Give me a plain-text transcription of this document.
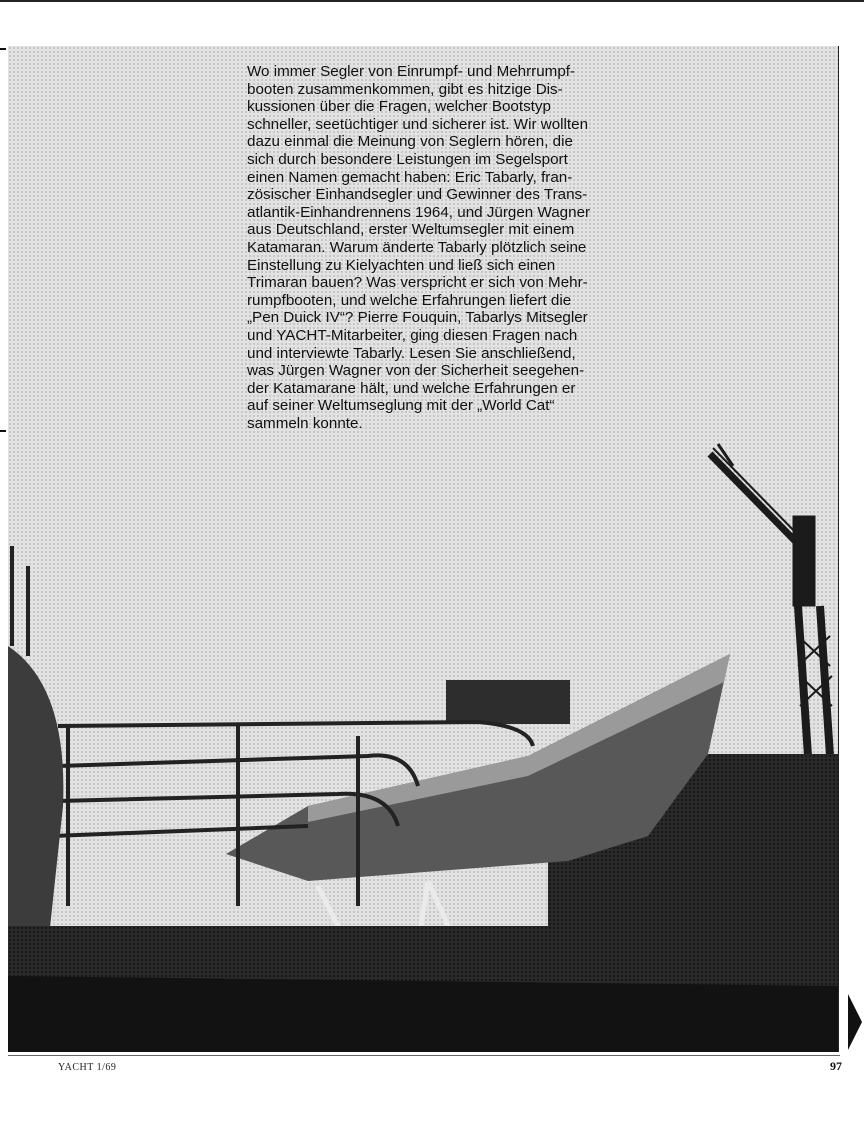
Wo immer Segler von Einrumpf- und Mehrrumpf-
booten zusammenkommen, gibt es hitzige Dis-
kussionen über die Fragen, welcher Bootstyp
schneller, seetüchtiger und sicherer ist. Wir wollten
dazu einmal die Meinung von Seglern hören, die
sich durch besondere Leistungen im Segelsport
einen Namen gemacht haben: Eric Tabarly, fran-
zösischer Einhandsegler und Gewinner des Trans-
atlantik-Einhandrennens 1964, und Jürgen Wagner
aus Deutschland, erster Weltumsegler mit einem
Katamaran. Warum änderte Tabarly plötzlich seine
Einstellung zu Kielyachten und ließ sich einen
Trimaran bauen? Was verspricht er sich von Mehr-
rumpfbooten, und welche Erfahrungen liefert die
„Pen Duick IV“? Pierre Fouquin, Tabarlys Mitsegler
und YACHT-Mitarbeiter, ging diesen Fragen nach
und interviewte Tabarly. Lesen Sie anschließend,
was Jürgen Wagner von der Sicherheit seegehen-
der Katamarane hält, und welche Erfahrungen er
auf seiner Weltumseglung mit der „World Cat“
sammeln konnte.

YACHT 1/69	97
